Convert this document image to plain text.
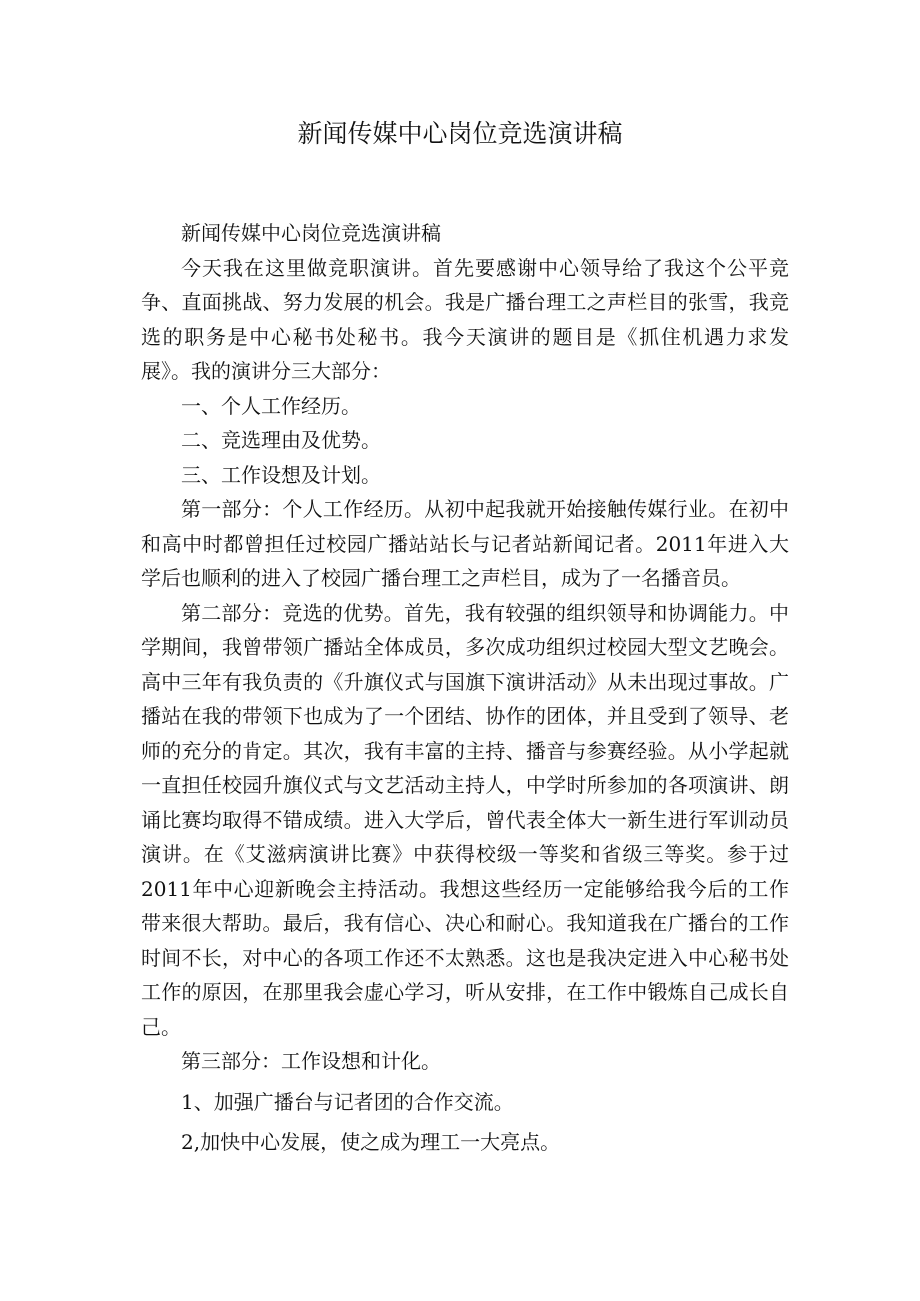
新闻传媒中心岗位竞选演讲稿

新闻传媒中心岗位竞选演讲稿

今天我在这里做竞职演讲。首先要感谢中心领导给了我这个公平竞争、直面挑战、努力发展的机会。我是广播台理工之声栏目的张雪，我竞选的职务是中心秘书处秘书。我今天演讲的题目是《抓住机遇力求发展》。我的演讲分三大部分：

一、个人工作经历。

二、竞选理由及优势。

三、工作设想及计划。

第一部分：个人工作经历。从初中起我就开始接触传媒行业。在初中和高中时都曾担任过校园广播站站长与记者站新闻记者。2011年进入大学后也顺利的进入了校园广播台理工之声栏目，成为了一名播音员。

第二部分：竞选的优势。首先，我有较强的组织领导和协调能力。中学期间，我曾带领广播站全体成员，多次成功组织过校园大型文艺晚会。高中三年有我负责的《升旗仪式与国旗下演讲活动》从未出现过事故。广播站在我的带领下也成为了一个团结、协作的团体，并且受到了领导、老师的充分的肯定。其次，我有丰富的主持、播音与参赛经验。从小学起就一直担任校园升旗仪式与文艺活动主持人，中学时所参加的各项演讲、朗诵比赛均取得不错成绩。进入大学后，曾代表全体大一新生进行军训动员演讲。在《艾滋病演讲比赛》中获得校级一等奖和省级三等奖。参于过2011年中心迎新晚会主持活动。我想这些经历一定能够给我今后的工作带来很大帮助。最后，我有信心、决心和耐心。我知道我在广播台的工作时间不长，对中心的各项工作还不太熟悉。这也是我决定进入中心秘书处工作的原因，在那里我会虚心学习，听从安排，在工作中锻炼自己成长自己。

第三部分：工作设想和计化。

1、加强广播台与记者团的合作交流。

2,加快中心发展，使之成为理工一大亮点。
